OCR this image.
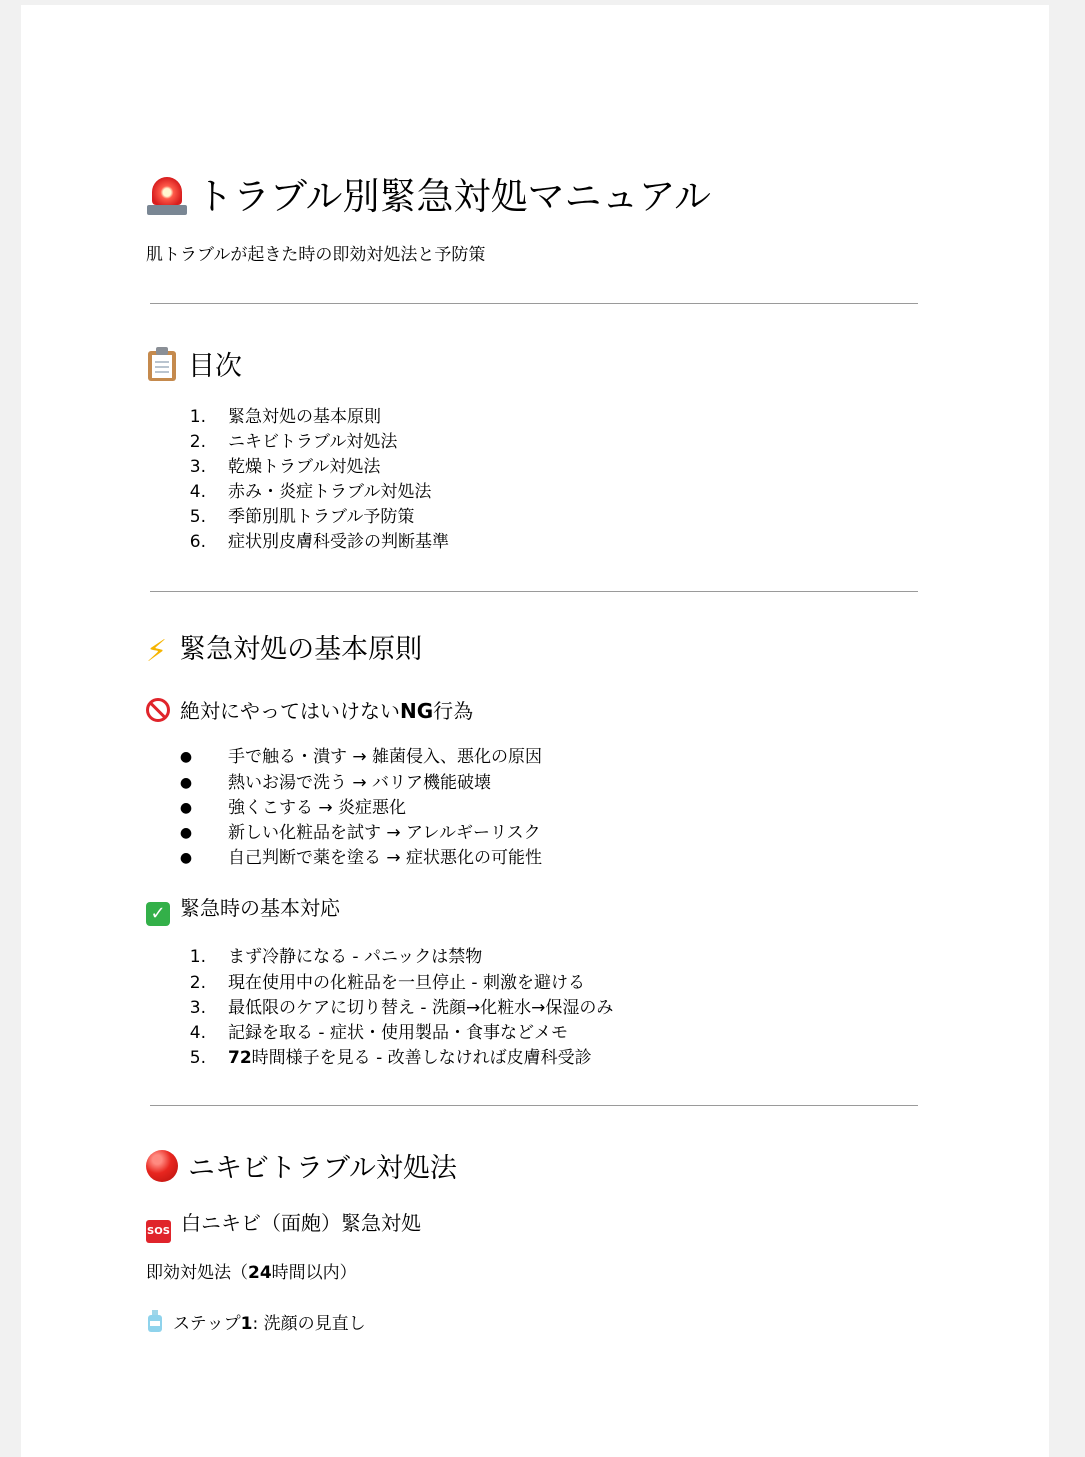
トラブル別緊急対処マニュアル
肌トラブルが起きた時の即効対処法と予防策
目次
1. 緊急対処の基本原則
2. ニキビトラブル対処法
3. 乾燥トラブル対処法
4. 赤み・炎症トラブル対処法
5. 季節別肌トラブル予防策
6. 症状別皮膚科受診の判断基準
⚡ 緊急対処の基本原則
絶対にやってはいけないNG行為
●	手で触る・潰す → 雑菌侵入、悪化の原因
●	熱いお湯で洗う → バリア機能破壊
●	強くこする → 炎症悪化
●	新しい化粧品を試す → アレルギーリスク
●	自己判断で薬を塗る → 症状悪化の可能性
✓ 緊急時の基本対応
1. まず冷静になる - パニックは禁物
2. 現在使用中の化粧品を一旦停止 - 刺激を避ける
3. 最低限のケアに切り替え - 洗顔→化粧水→保湿のみ
4. 記録を取る - 症状・使用製品・食事などメモ
5. 72時間様子を見る - 改善しなければ皮膚科受診
ニキビトラブル対処法
SOS 白ニキビ（面皰）緊急対処
即効対処法（24時間以内）
ステップ1: 洗顔の見直し
